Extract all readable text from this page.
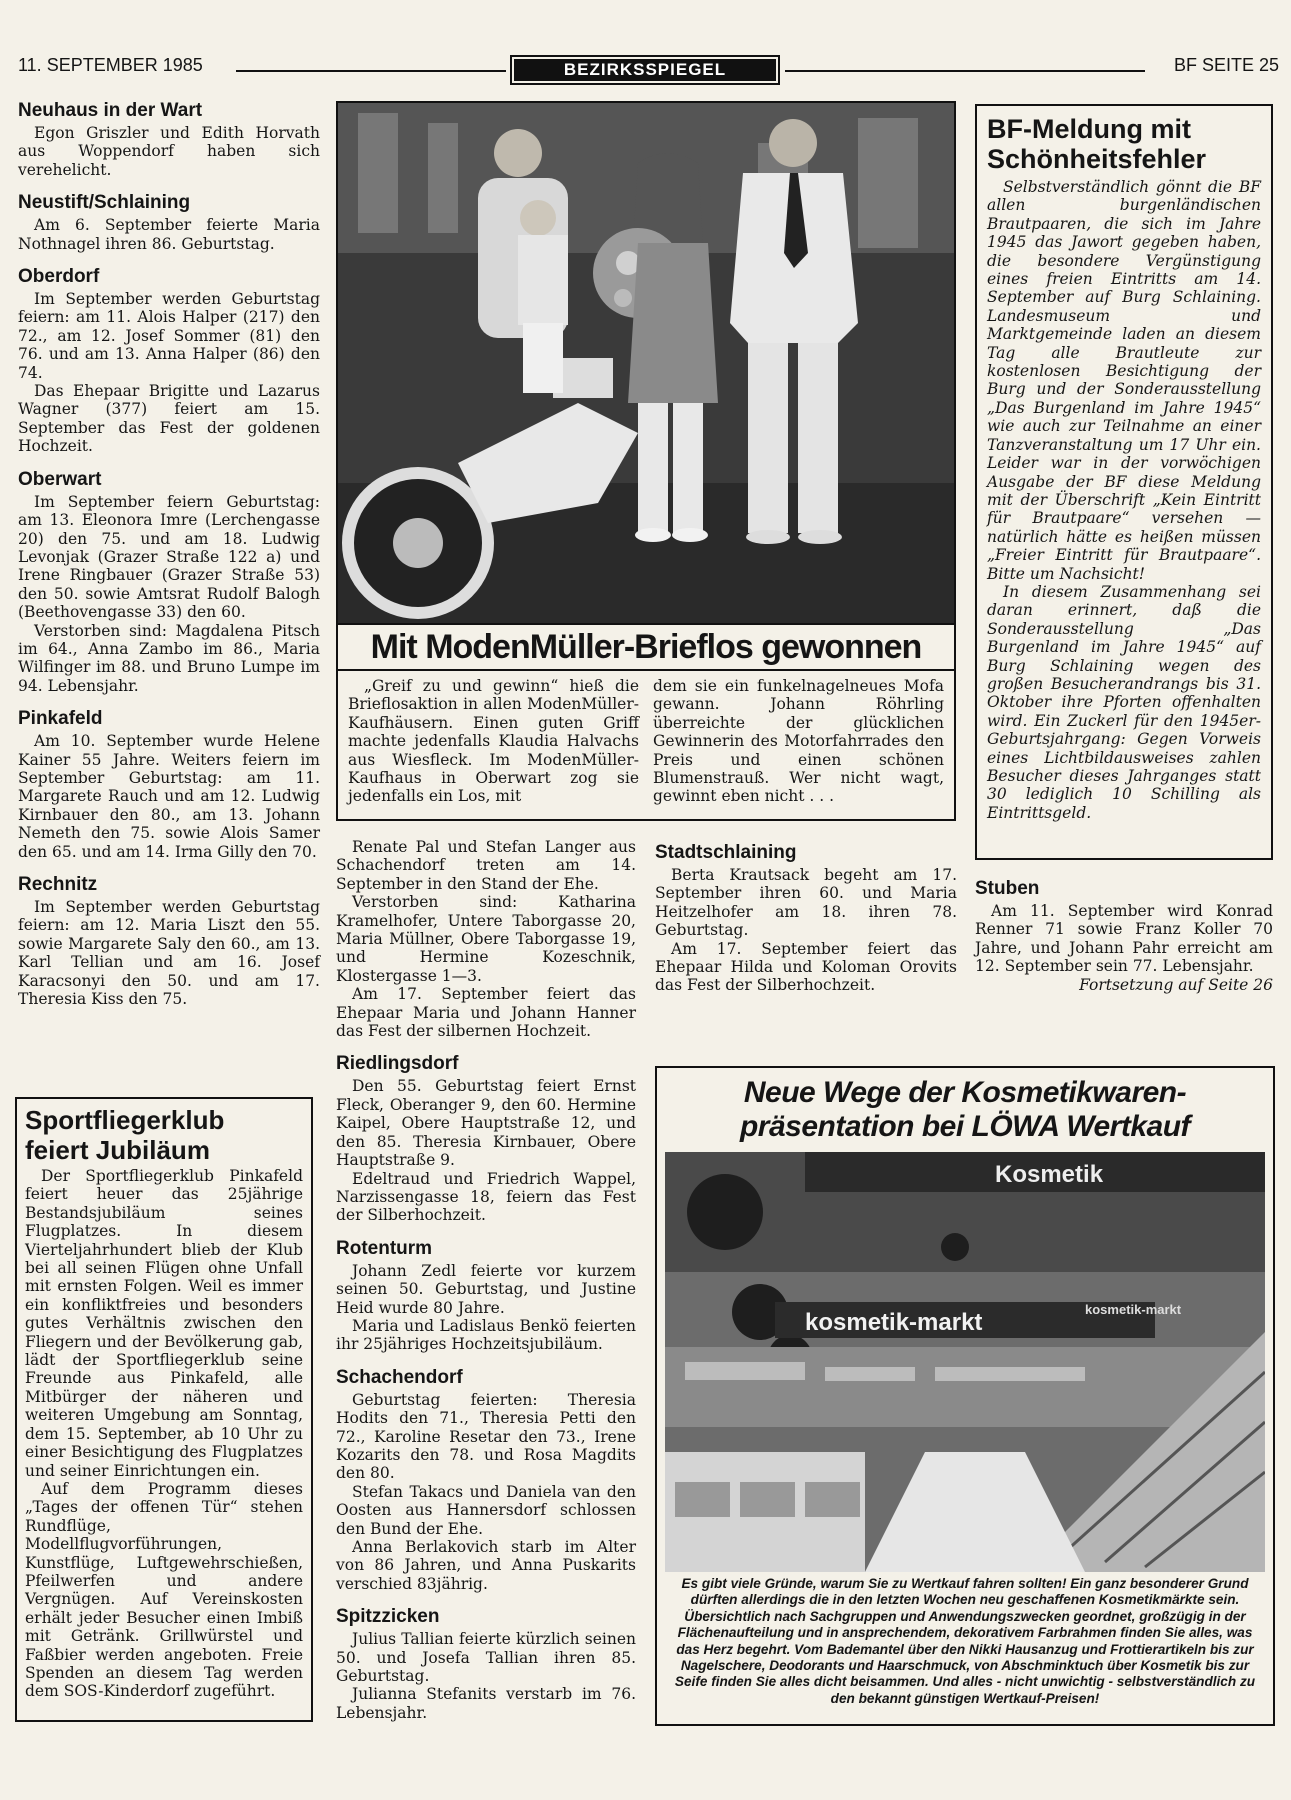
11. SEPTEMBER 1985	BEZIRKSSPIEGEL	BF SEITE 25
Neuhaus in der Wart

Egon Griszler und Edith Horvath aus Woppendorf haben sich verehelicht.

Neustift/Schlaining

Am 6. September feierte Maria Nothnagel ihren 86. Geburtstag.

Oberdorf

Im September werden Geburtstag feiern: am 11. Alois Halper (217) den 72., am 12. Josef Sommer (81) den 76. und am 13. Anna Halper (86) den 74.

Das Ehepaar Brigitte und Lazarus Wagner (377) feiert am 15. September das Fest der goldenen Hochzeit.

Oberwart

Im September feiern Geburtstag: am 13. Eleonora Imre (Lerchengasse 20) den 75. und am 18. Ludwig Levonjak (Grazer Straße 122 a) und Irene Ringbauer (Grazer Straße 53) den 50. sowie Amtsrat Rudolf Balogh (Beethovengasse 33) den 60.

Verstorben sind: Magdalena Pitsch im 64., Anna Zambo im 86., Maria Wilfinger im 88. und Bruno Lumpe im 94. Lebensjahr.

Pinkafeld

Am 10. September wurde Helene Kainer 55 Jahre. Weiters feiern im September Geburtstag: am 11. Margarete Rauch und am 12. Ludwig Kirnbauer den 80., am 13. Johann Nemeth den 75. sowie Alois Samer den 65. und am 14. Irma Gilly den 70.

Rechnitz

Im September werden Geburtstag feiern: am 12. Maria Liszt den 55. sowie Margarete Saly den 60., am 13. Karl Tellian und am 16. Josef Karacsonyi den 50. und am 17. Theresia Kiss den 75.

Sportfliegerklub
feiert Jubiläum

Der Sportfliegerklub Pinkafeld feiert heuer das 25jährige Bestandsjubiläum seines Flugplatzes. In diesem Vierteljahrhundert blieb der Klub bei all seinen Flügen ohne Unfall mit ernsten Folgen. Weil es immer ein konfliktfreies und besonders gutes Verhältnis zwischen den Fliegern und der Bevölkerung gab, lädt der Sportfliegerklub seine Freunde aus Pinkafeld, alle Mitbürger der näheren und weiteren Umgebung am Sonntag, dem 15. September, ab 10 Uhr zu einer Besichtigung des Flugplatzes und seiner Einrichtungen ein.

Auf dem Programm dieses „Tages der offenen Tür“ stehen Rundflüge, Modellflugvorführungen, Kunstflüge, Luftgewehrschießen, Pfeilwerfen und andere Vergnügen. Auf Vereinskosten erhält jeder Besucher einen Imbiß mit Getränk. Grillwürstel und Faßbier werden angeboten. Freie Spenden an diesem Tag werden dem SOS-Kinderdorf zugeführt.

Mit ModenMüller-Brieflos gewonnen

„Greif zu und gewinn“ hieß die Brieflosaktion in allen ModenMüller-Kaufhäusern. Einen guten Griff machte jedenfalls Klaudia Halvachs aus Wiesfleck. Im ModenMüller-Kaufhaus in Oberwart zog sie jedenfalls ein Los, mit

dem sie ein funkelnagelneues Mofa gewann. Johann Röhrling überreichte der glücklichen Gewinnerin des Motorfahrrades den Preis und einen schönen Blumenstrauß. Wer nicht wagt, gewinnt eben nicht . . .

BF-Meldung mit
Schönheitsfehler

Selbstverständlich gönnt die BF allen burgenländischen Brautpaaren, die sich im Jahre 1945 das Jawort gegeben haben, die besondere Vergünstigung eines freien Eintritts am 14. September auf Burg Schlaining. Landesmuseum und Marktgemeinde laden an diesem Tag alle Brautleute zur kostenlosen Besichtigung der Burg und der Sonderausstellung „Das Burgenland im Jahre 1945“ wie auch zur Teilnahme an einer Tanzveranstaltung um 17 Uhr ein. Leider war in der vorwöchigen Ausgabe der BF diese Meldung mit der Überschrift „Kein Eintritt für Brautpaare“ versehen — natürlich hätte es heißen müssen „Freier Eintritt für Brautpaare“. Bitte um Nachsicht!

In diesem Zusammenhang sei daran erinnert, daß die Sonderausstellung „Das Burgenland im Jahre 1945“ auf Burg Schlaining wegen des großen Besucherandrangs bis 31. Oktober ihre Pforten offenhalten wird. Ein Zuckerl für den 1945er-Geburtsjahrgang: Gegen Vorweis eines Lichtbildausweises zahlen Besucher dieses Jahrganges statt 30 lediglich 10 Schilling als Eintrittsgeld.

Renate Pal und Stefan Langer aus Schachendorf treten am 14. September in den Stand der Ehe.

Verstorben sind: Katharina Kramelhofer, Untere Taborgasse 20, Maria Müllner, Obere Taborgasse 19, und Hermine Kozeschnik, Klostergasse 1—3.

Am 17. September feiert das Ehepaar Maria und Johann Hanner das Fest der silbernen Hochzeit.

Riedlingsdorf

Den 55. Geburtstag feiert Ernst Fleck, Oberanger 9, den 60. Hermine Kaipel, Obere Hauptstraße 12, und den 85. Theresia Kirnbauer, Obere Hauptstraße 9.

Edeltraud und Friedrich Wappel, Narzissengasse 18, feiern das Fest der Silberhochzeit.

Rotenturm

Johann Zedl feierte vor kurzem seinen 50. Geburtstag, und Justine Heid wurde 80 Jahre.

Maria und Ladislaus Benkö feierten ihr 25jähriges Hochzeitsjubiläum.

Schachendorf

Geburtstag feierten: Theresia Hodits den 71., Theresia Petti den 72., Karoline Resetar den 73., Irene Kozarits den 78. und Rosa Magdits den 80.

Stefan Takacs und Daniela van den Oosten aus Hannersdorf schlossen den Bund der Ehe.

Anna Berlakovich starb im Alter von 86 Jahren, und Anna Puskarits verschied 83jährig.

Spitzzicken

Julius Tallian feierte kürzlich seinen 50. und Josefa Tallian ihren 85. Geburtstag.

Julianna Stefanits verstarb im 76. Lebensjahr.

Stadtschlaining

Berta Krautsack begeht am 17. September ihren 60. und Maria Heitzelhofer am 18. ihren 78. Geburtstag.

Am 17. September feiert das Ehepaar Hilda und Koloman Orovits das Fest der Silberhochzeit.

Stuben

Am 11. September wird Konrad Renner 71 sowie Franz Koller 70 Jahre, und Johann Pahr erreicht am 12. September sein 77. Lebensjahr.

Fortsetzung auf Seite 26
Neue Wege der Kosmetikwaren-
präsentation bei LÖWA Wertkauf
Kosmetik
kosmetik-markt	kosmetik-markt
Es gibt viele Gründe, warum Sie zu Wertkauf fahren sollten! Ein ganz besonderer Grund dürften allerdings die in den letzten Wochen neu geschaffenen Kosmetikmärkte sein. Übersichtlich nach Sachgruppen und Anwendungszwecken geordnet, großzügig in der Flächenaufteilung und in ansprechendem, dekorativem Farbrahmen finden Sie alles, was das Herz begehrt. Vom Bademantel über den Nikki Hausanzug und Frottierartikeln bis zur Nagelschere, Deodorants und Haarschmuck, von Abschminktuch über Kosmetik bis zur Seife finden Sie alles dicht beisammen. Und alles - nicht unwichtig - selbstverständlich zu den bekannt günstigen Wertkauf-Preisen!
